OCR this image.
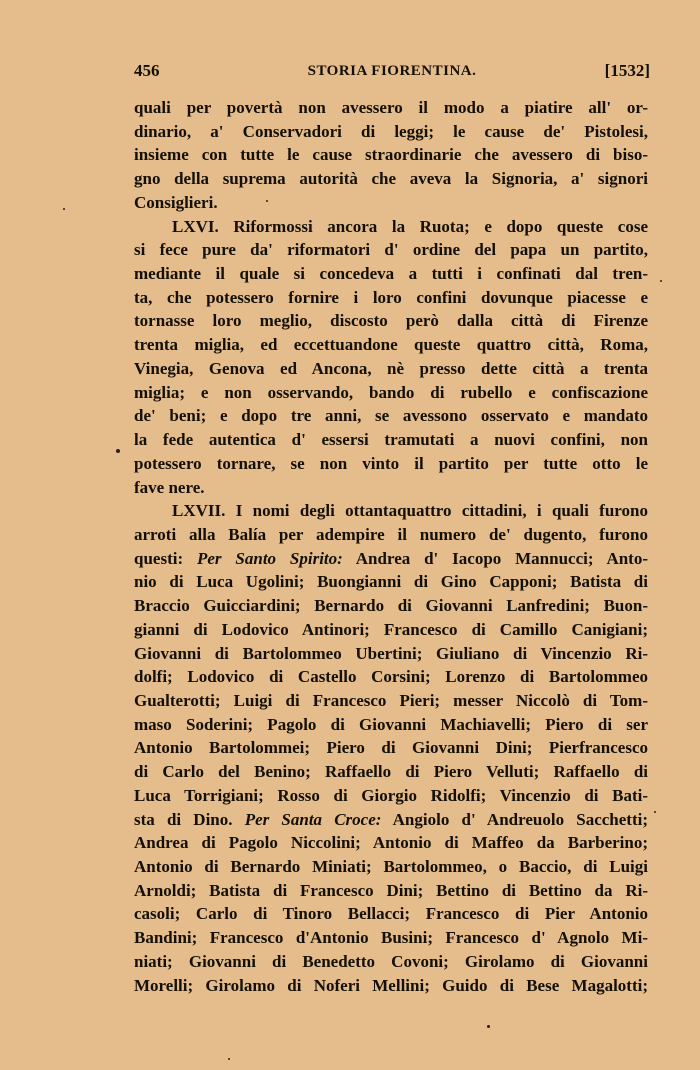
456	STORIA FIORENTINA.	[1532]
quali per povertà non avessero il modo a piatire all' or-
dinario, a' Conservadori di leggi; le cause de' Pistolesi,
insieme con tutte le cause straordinarie che avessero di biso-
gno della suprema autorità che aveva la Signoria, a' signori
Consiglieri.
LXVI. Riformossi ancora la Ruota; e dopo queste cose
si fece pure da' riformatori d' ordine del papa un partito,
mediante il quale si concedeva a tutti i confinati dal tren-
ta, che potessero fornire i loro confini dovunque piacesse e
tornasse loro meglio, discosto però dalla città di Firenze
trenta miglia, ed eccettuandone queste quattro città, Roma,
Vinegia, Genova ed Ancona, nè presso dette città a trenta
miglia; e non osservando, bando di rubello e confiscazione
de' beni; e dopo tre anni, se avessono osservato e mandato
la fede autentica d' essersi tramutati a nuovi confini, non
potessero tornare, se non vinto il partito per tutte otto le
fave nere.
LXVII. I nomi degli ottantaquattro cittadini, i quali furono
arroti alla Balía per adempire il numero de' dugento, furono
questi: Per Santo Spirito: Andrea d' Iacopo Mannucci; Anto-
nio di Luca Ugolini; Buongianni di Gino Capponi; Batista di
Braccio Guicciardini; Bernardo di Giovanni Lanfredini; Buon-
gianni di Lodovico Antinori; Francesco di Camillo Canigiani;
Giovanni di Bartolommeo Ubertini; Giuliano di Vincenzio Ri-
dolfi; Lodovico di Castello Corsini; Lorenzo di Bartolommeo
Gualterotti; Luigi di Francesco Pieri; messer Niccolò di Tom-
maso Soderini; Pagolo di Giovanni Machiavelli; Piero di ser
Antonio Bartolommei; Piero di Giovanni Dini; Pierfrancesco
di Carlo del Benino; Raffaello di Piero Velluti; Raffaello di
Luca Torrigiani; Rosso di Giorgio Ridolfi; Vincenzio di Bati-
sta di Dino. Per Santa Croce: Angiolo d' Andreuolo Sacchetti;
Andrea di Pagolo Niccolini; Antonio di Maffeo da Barberino;
Antonio di Bernardo Miniati; Bartolommeo, o Baccio, di Luigi
Arnoldi; Batista di Francesco Dini; Bettino di Bettino da Ri-
casoli; Carlo di Tinoro Bellacci; Francesco di Pier Antonio
Bandini; Francesco d'Antonio Busini; Francesco d' Agnolo Mi-
niati; Giovanni di Benedetto Covoni; Girolamo di Giovanni
Morelli; Girolamo di Noferi Mellini; Guido di Bese Magalotti;
